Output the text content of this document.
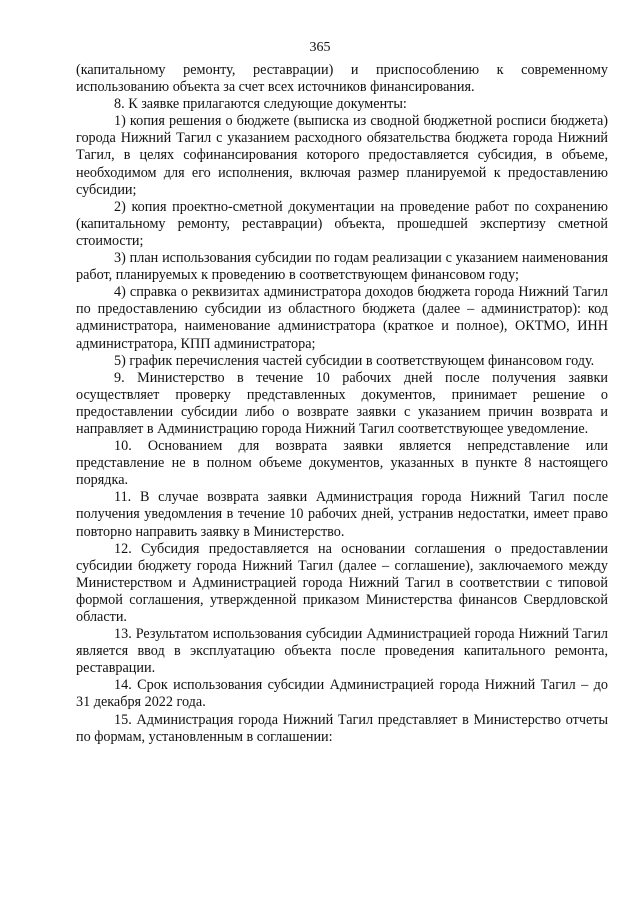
365

(капитальному ремонту, реставрации) и приспособлению к современному использованию объекта за счет всех источников финансирования.

8. К заявке прилагаются следующие документы:

1) копия решения о бюджете (выписка из сводной бюджетной росписи бюджета) города Нижний Тагил с указанием расходного обязательства бюджета города Нижний Тагил, в целях софинансирования которого предоставляется субсидия, в объеме, необходимом для его исполнения, включая размер планируемой к предоставлению субсидии;

2) копия проектно-сметной документации на проведение работ по сохранению (капитальному ремонту, реставрации) объекта, прошедшей экспертизу сметной стоимости;

3) план использования субсидии по годам реализации с указанием наименования работ, планируемых к проведению в соответствующем финансовом году;

4) справка о реквизитах администратора доходов бюджета города Нижний Тагил по предоставлению субсидии из областного бюджета (далее – администратор): код администратора, наименование администратора (краткое и полное), ОКТМО, ИНН администратора, КПП администратора;

5) график перечисления частей субсидии в соответствующем финансовом году.

9. Министерство в течение 10 рабочих дней после получения заявки осуществляет проверку представленных документов, принимает решение о предоставлении субсидии либо о возврате заявки с указанием причин возврата и направляет в Администрацию города Нижний Тагил соответствующее уведомление.

10. Основанием для возврата заявки является непредставление или представление не в полном объеме документов, указанных в пункте 8 настоящего порядка.

11. В случае возврата заявки Администрация города Нижний Тагил после получения уведомления в течение 10 рабочих дней, устранив недостатки, имеет право повторно направить заявку в Министерство.

12. Субсидия предоставляется на основании соглашения о предоставлении субсидии бюджету города Нижний Тагил (далее – соглашение), заключаемого между Министерством и Администрацией города Нижний Тагил в соответствии с типовой формой соглашения, утвержденной приказом Министерства финансов Свердловской области.

13. Результатом использования субсидии Администрацией города Нижний Тагил является ввод в эксплуатацию объекта после проведения капитального ремонта, реставрации.

14. Срок использования субсидии Администрацией города Нижний Тагил – до 31 декабря 2022 года.

15. Администрация города Нижний Тагил представляет в Министерство отчеты по формам, установленным в соглашении:
